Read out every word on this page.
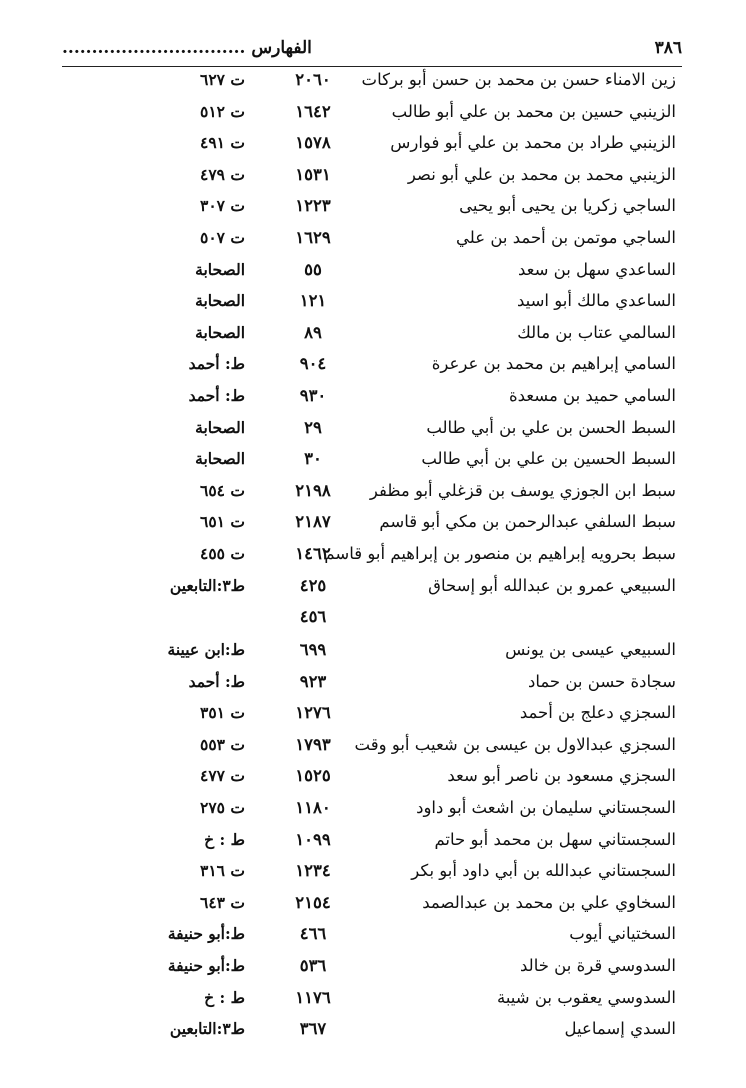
٣٨٦
الفهارس ...............................
زين الامناء حسن بن محمد بن حسن أبو بركات
٢٠٦٠
ت ٦٢٧
الزينبي حسين بن محمد بن علي أبو طالب
١٦٤٢
ت ٥١٢
الزينبي طراد بن محمد بن علي أبو فوارس
١٥٧٨
ت ٤٩١
الزينبي محمد بن محمد بن علي أبو نصر
١٥٣١
ت ٤٧٩
الساجي زكريا بن يحيى أبو يحيى
١٢٢٣
ت ٣٠٧
الساجي موتمن بن أحمد بن علي
١٦٢٩
ت ٥٠٧
الساعدي سهل بن سعد
٥٥
الصحابة
الساعدي مالك أبو اسيد
١٢١
الصحابة
السالمي عتاب بن مالك
٨٩
الصحابة
السامي إبراهيم بن محمد بن عرعرة
٩٠٤
ط: أحمد
السامي حميد بن مسعدة
٩٣٠
ط: أحمد
السبط الحسن بن علي بن أبي طالب
٢٩
الصحابة
السبط الحسين بن علي بن أبي طالب
٣٠
الصحابة
سبط ابن الجوزي يوسف بن قزغلي أبو مظفر
٢١٩٨
ت ٦٥٤
سبط السلفي عبدالرحمن بن مكي أبو قاسم
٢١٨٧
ت ٦٥١
سبط بحرويه إبراهيم بن منصور بن إبراهيم أبو قاسم
١٤٦٢
ت ٤٥٥
السبيعي عمرو بن عبدالله أبو إسحاق
٤٢٥
ط٣:التابعين
٤٥٦
السبيعي عيسى بن يونس
٦٩٩
ط:ابن عيينة
سجادة حسن بن حماد
٩٢٣
ط: أحمد
السجزي دعلج بن أحمد
١٢٧٦
ت ٣٥١
السجزي عبدالاول بن عيسى بن شعيب أبو وقت
١٧٩٣
ت ٥٥٣
السجزي مسعود بن ناصر أبو سعد
١٥٢٥
ت ٤٧٧
السجستاني سليمان بن اشعث أبو داود
١١٨٠
ت ٢٧٥
السجستاني سهل بن محمد أبو حاتم
١٠٩٩
ط : خ
السجستاني عبدالله بن أبي داود أبو بكر
١٢٣٤
ت ٣١٦
السخاوي علي بن محمد بن عبدالصمد
٢١٥٤
ت ٦٤٣
السختياني أيوب
٤٦٦
ط:أبو حنيفة
السدوسي قرة بن خالد
٥٣٦
ط:أبو حنيفة
السدوسي يعقوب بن شيبة
١١٧٦
ط : خ
السدي إسماعيل
٣٦٧
ط٣:التابعين
